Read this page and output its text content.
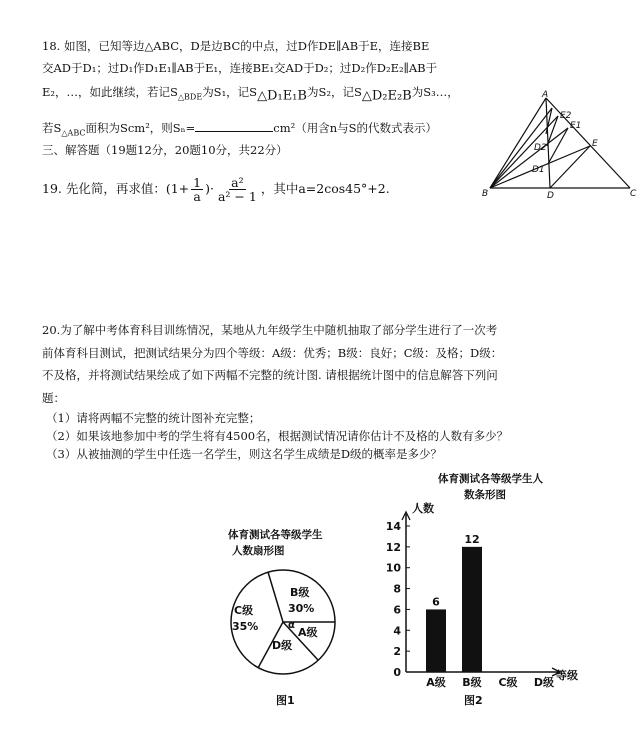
18. 如图，已知等边△ABC，D是边BC的中点，过D作DE∥AB于E，连接BE
交AD于D₁；过D₁作D₁E₁∥AB于E₁，连接BE₁交AD于D₂；过D₂作D₂E₂∥AB于
E₂，…，如此继续，若记$S_{\triangle BDE}$为S₁，记$S_{\triangle D_1E_1B}$为S₂，记$S_{\triangle D_2E_2B}$为S₃…，
若$S_{\triangle ABC}$面积为Scm²，则Sₙ=	cm²（用含n与S的代数式表示）
三、解答题（19题12分，20题10分，共22分）
19. 先化简，再求值：($1+ \frac{1}{a}$ )· $\frac{\text{a²}}{\text{a² − 1}}$ ，其中a=2cos45°+2.
A
B	C
D
E
E1
E2
D1
D2
20.为了解中考体育科目训练情况，某地从九年级学生中随机抽取了部分学生进行了一次考
前体育科目测试，把测试结果分为四个等级：A级：优秀；B级：良好；C级：及格；D级：
不及格，并将测试结果绘成了如下两幅不完整的统计图. 请根据统计图中的信息解答下列问
题：
（1）请将两幅不完整的统计图补充完整；
（2）如果该地参加中考的学生将有4500名，根据测试情况请你估计不及格的人数有多少？
（3）从被抽测的学生中任选一名学生，则这名学生成绩是D级的概率是多少？
体育测试各等级学生
人数扇形图
B级
30%
C级
35%
D级
A级
α
图1
体育测试各等级学生人
数条形图
人数
等级
0
2
4
6
8
10
12
14
A级
6
B级
12
C级 D级
图2
